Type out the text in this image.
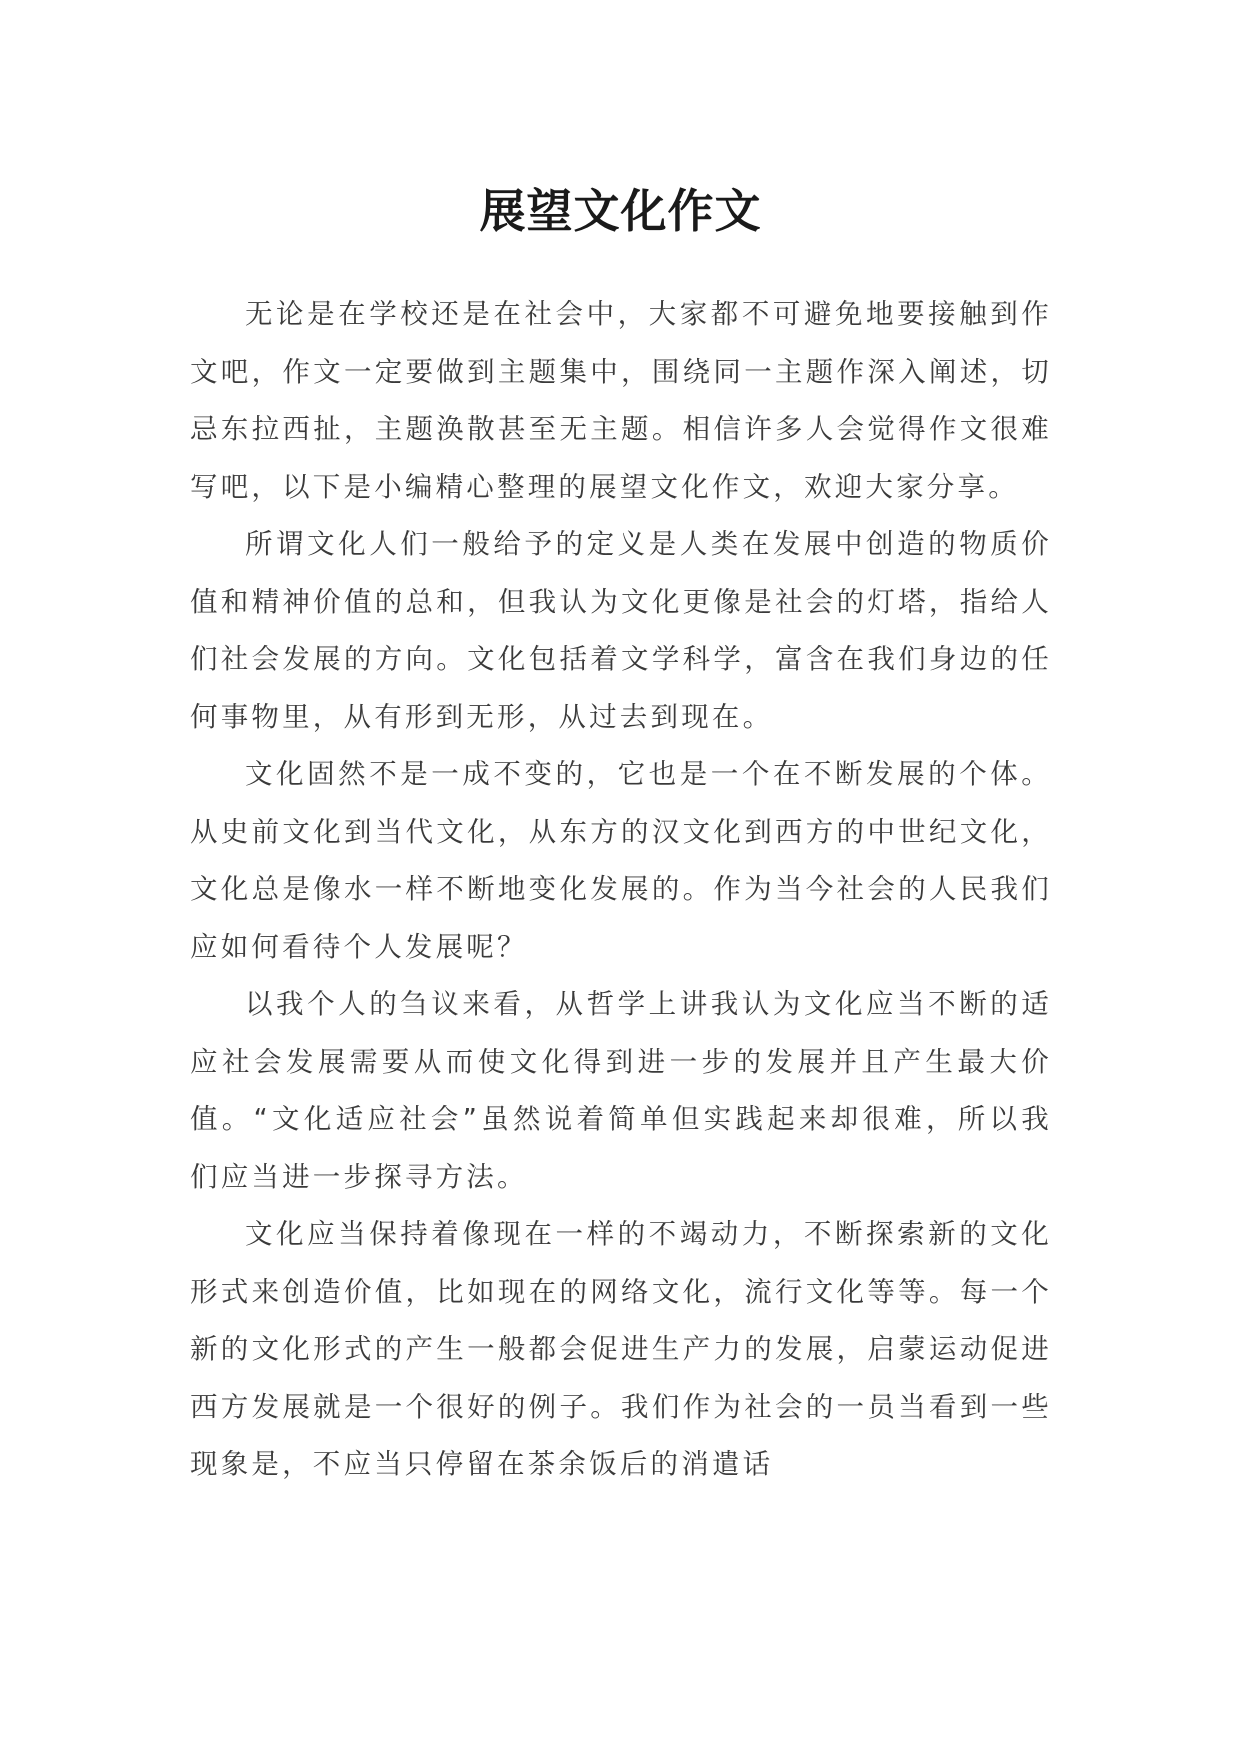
展望文化作文

无论是在学校还是在社会中，大家都不可避免地要接触到作文吧，作文一定要做到主题集中，围绕同一主题作深入阐述，切忌东拉西扯，主题涣散甚至无主题。相信许多人会觉得作文很难写吧，以下是小编精心整理的展望文化作文，欢迎大家分享。

所谓文化人们一般给予的定义是人类在发展中创造的物质价值和精神价值的总和，但我认为文化更像是社会的灯塔，指给人们社会发展的方向。文化包括着文学科学，富含在我们身边的任何事物里，从有形到无形，从过去到现在。

文化固然不是一成不变的，它也是一个在不断发展的个体。从史前文化到当代文化，从东方的汉文化到西方的中世纪文化，文化总是像水一样不断地变化发展的。作为当今社会的人民我们应如何看待个人发展呢？

以我个人的刍议来看，从哲学上讲我认为文化应当不断的适应社会发展需要从而使文化得到进一步的发展并且产生最大价值。“文化适应社会”虽然说着简单但实践起来却很难，所以我们应当进一步探寻方法。

文化应当保持着像现在一样的不竭动力，不断探索新的文化形式来创造价值，比如现在的网络文化，流行文化等等。每一个新的文化形式的产生一般都会促进生产力的发展，启蒙运动促进西方发展就是一个很好的例子。我们作为社会的一员当看到一些现象是，不应当只停留在茶余饭后的消遣话
